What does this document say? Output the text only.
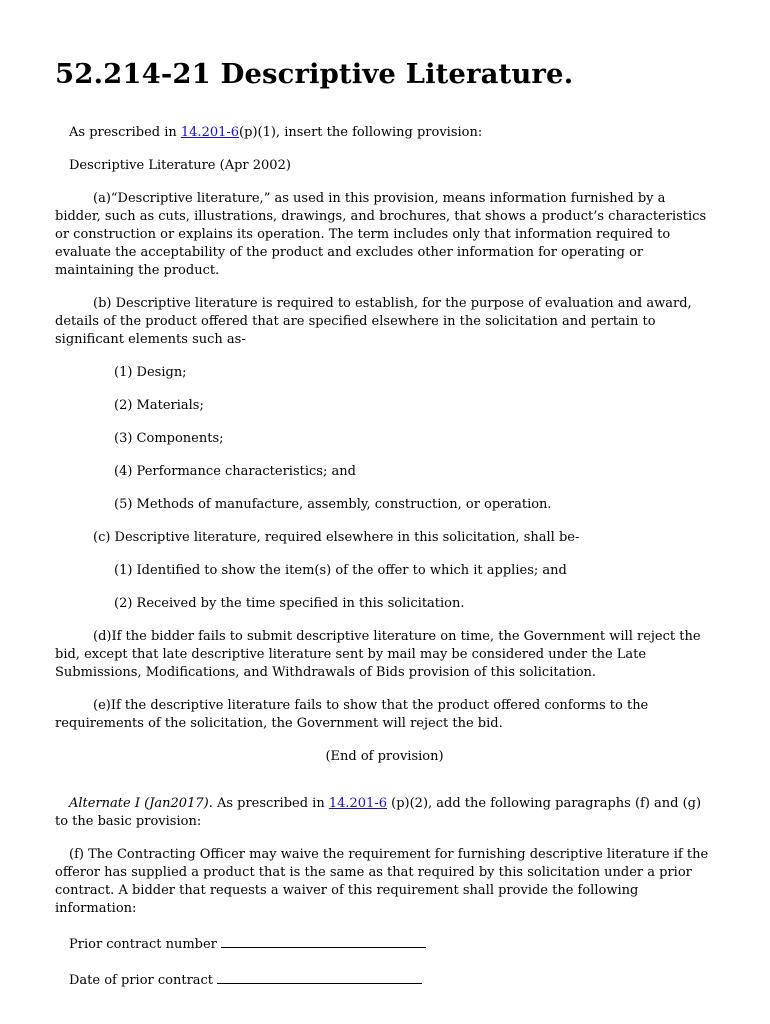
52.214-21 Descriptive Literature.

As prescribed in 14.201-6(p)(1), insert the following provision:

Descriptive Literature (Apr 2002)

(a)“Descriptive literature,” as used in this provision, means information furnished by a bidder, such as cuts, illustrations, drawings, and brochures, that shows a product’s characteristics or construction or explains its operation. The term includes only that information required to evaluate the acceptability of the product and excludes other information for operating or maintaining the product.

(b) Descriptive literature is required to establish, for the purpose of evaluation and award, details of the product offered that are specified elsewhere in the solicitation and pertain to significant elements such as-

(1) Design;

(2) Materials;

(3) Components;

(4) Performance characteristics; and

(5) Methods of manufacture, assembly, construction, or operation.

(c) Descriptive literature, required elsewhere in this solicitation, shall be-

(1) Identified to show the item(s) of the offer to which it applies; and

(2) Received by the time specified in this solicitation.

(d)If the bidder fails to submit descriptive literature on time, the Government will reject the bid, except that late descriptive literature sent by mail may be considered under the Late Submissions, Modifications, and Withdrawals of Bids provision of this solicitation.

(e)If the descriptive literature fails to show that the product offered conforms to the requirements of the solicitation, the Government will reject the bid.

(End of provision)

Alternate I (Jan2017). As prescribed in 14.201-6 (p)(2), add the following paragraphs (f) and (g) to the basic provision:

(f) The Contracting Officer may waive the requirement for furnishing descriptive literature if the offeror has supplied a product that is the same as that required by this solicitation under a prior contract. A bidder that requests a waiver of this requirement shall provide the following information:

Prior contract number

Date of prior contract
